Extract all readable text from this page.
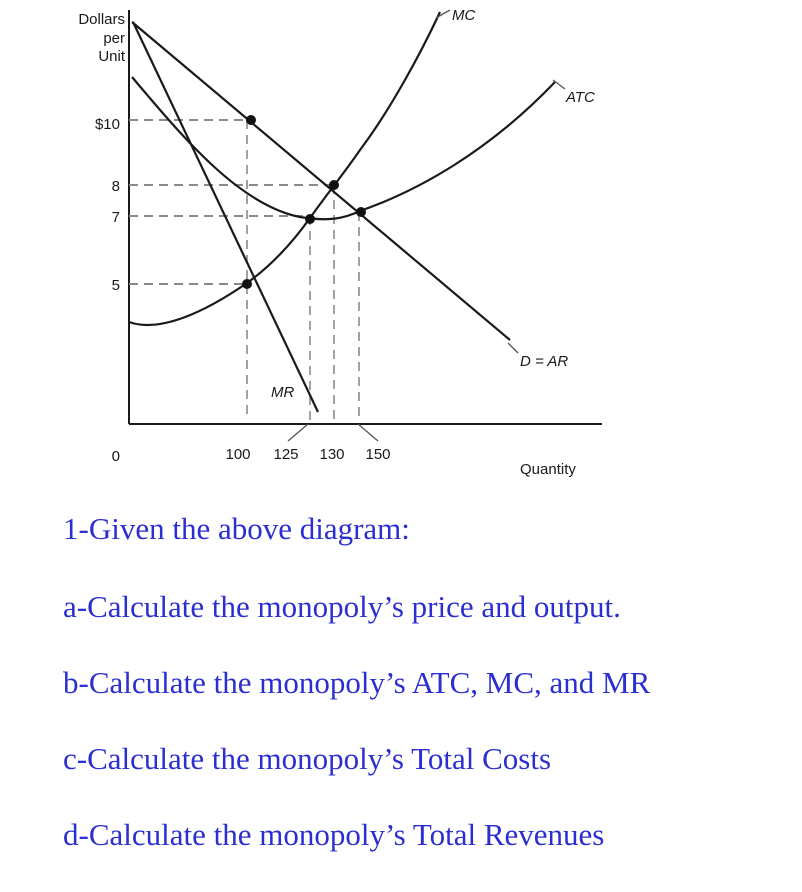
Dollars
per
Unit
$10
8
7
5
0	100 125 130 150
MC
ATC
D = AR
MR
Quantity

1-Given the above diagram:

a-Calculate the monopoly’s price and output.

b-Calculate the monopoly’s ATC, MC, and MR

c-Calculate the monopoly’s Total Costs

d-Calculate the monopoly’s Total Revenues
